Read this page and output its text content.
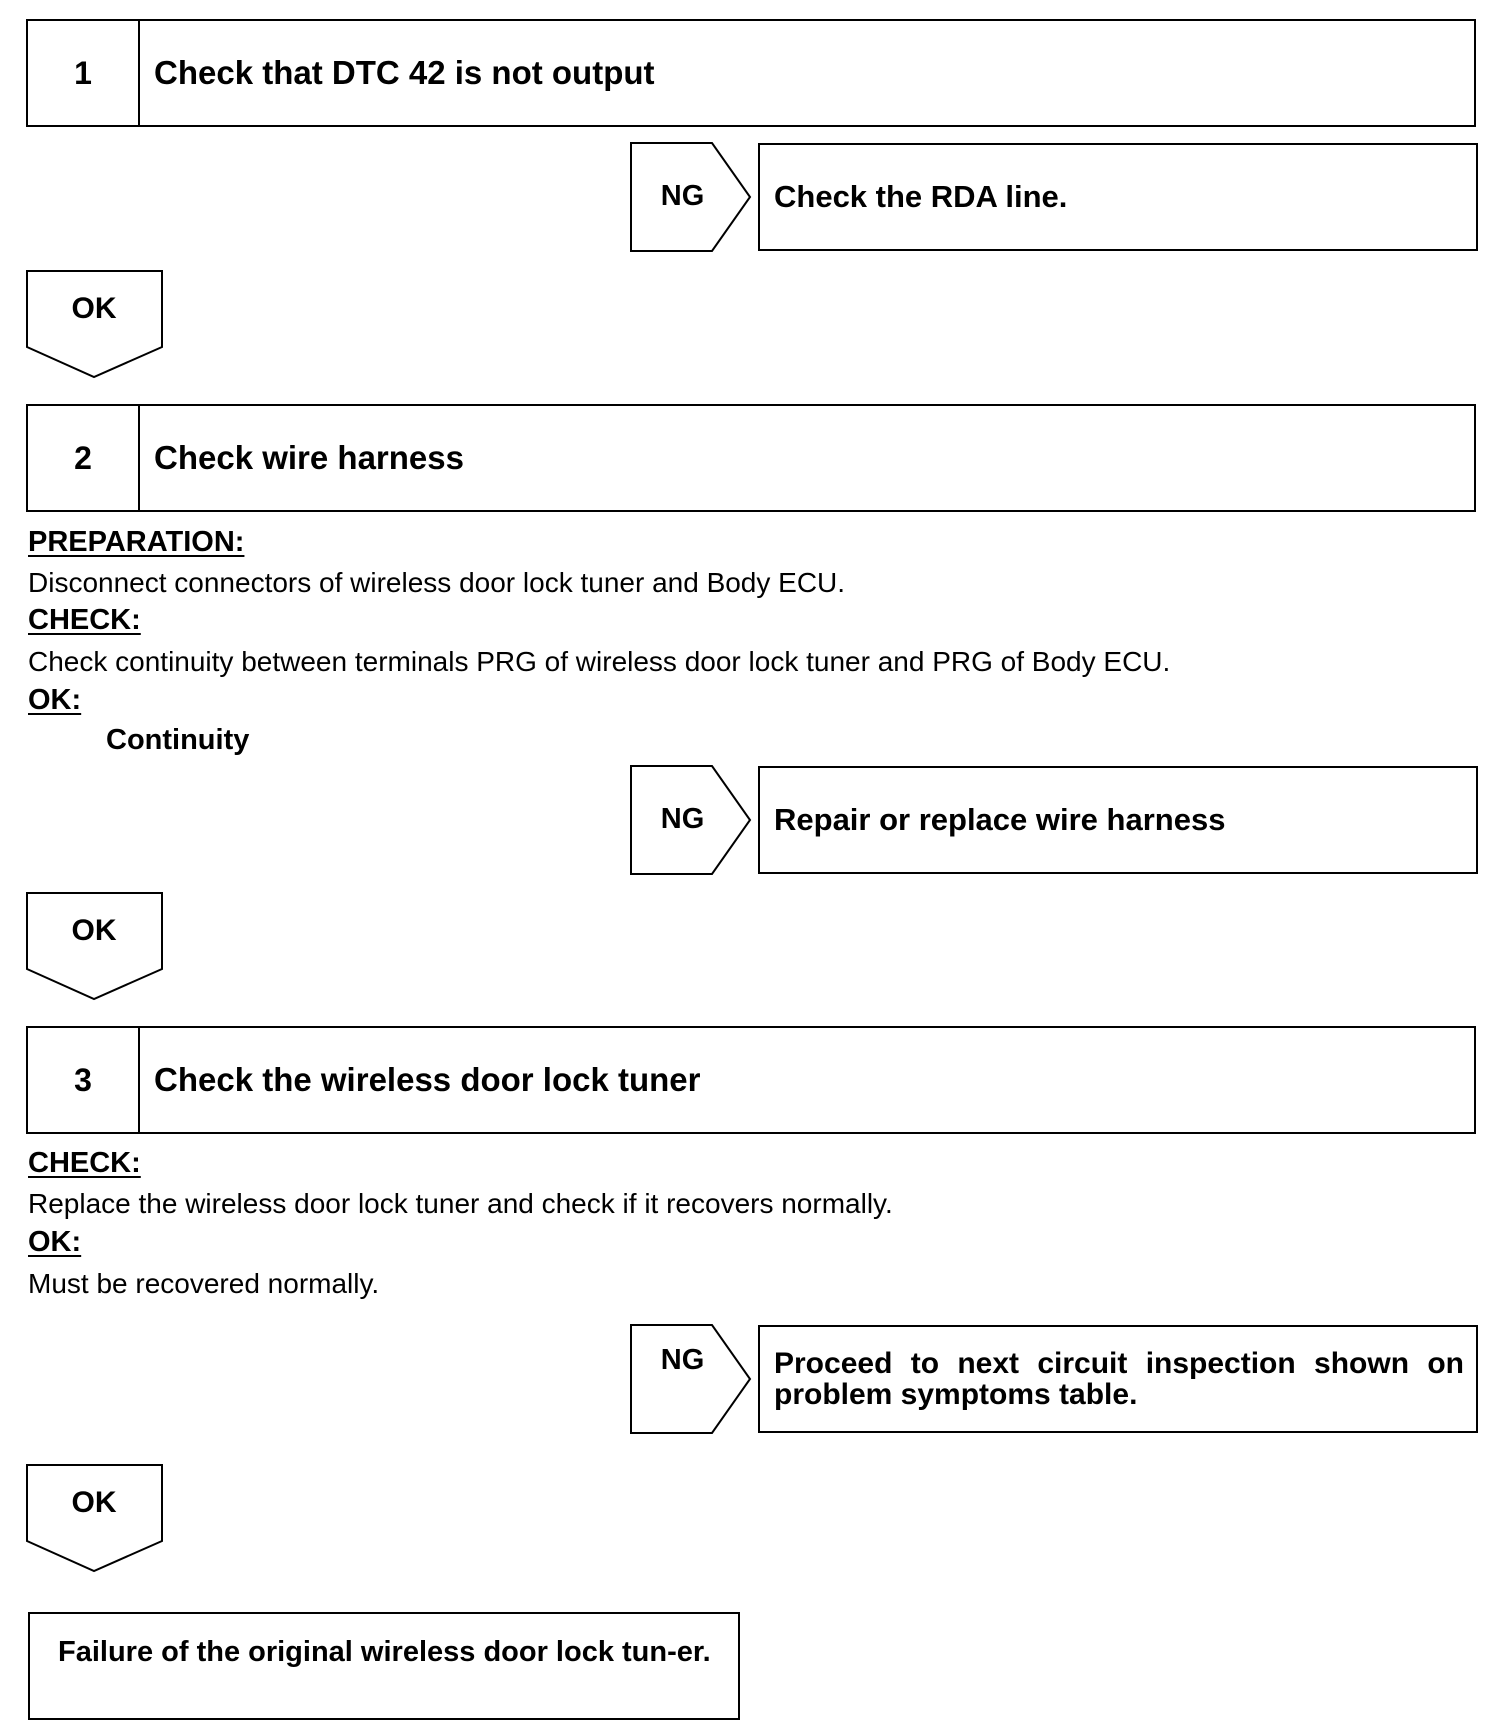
1	Check that DTC 42 is not output
NG	Check the RDA line.
OK
2	Check wire harness
PREPARATION:
Disconnect connectors of wireless door lock tuner and Body ECU.
CHECK:
Check continuity between terminals PRG of wireless door lock tuner and PRG of Body ECU.
OK:
Continuity
NG	Repair or replace wire harness
OK
3	Check the wireless door lock tuner
CHECK:
Replace the wireless door lock tuner and check if it recovers normally.
OK:
Must be recovered normally.
NG	Proceed to next circuit inspection shown on problem symptoms table.
OK
Failure of the original wireless door lock tun-er.
